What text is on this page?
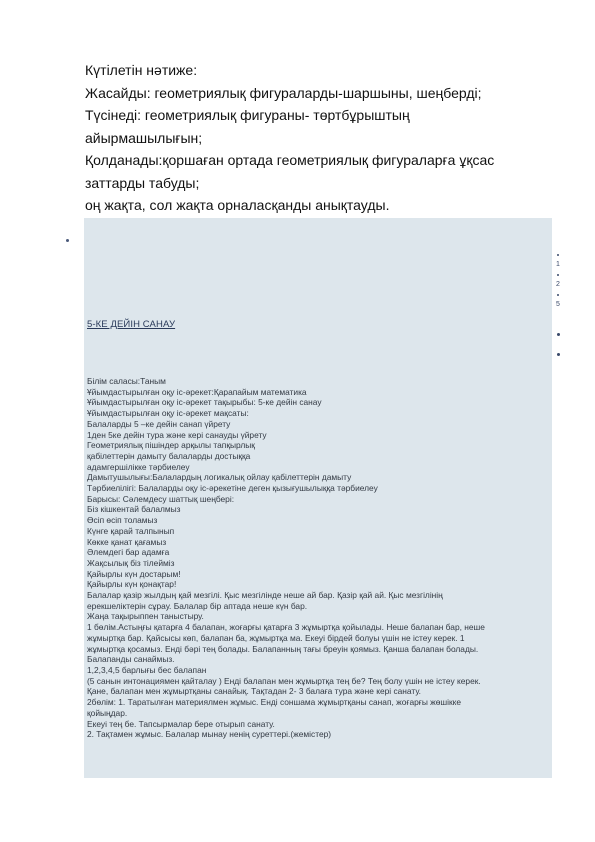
Күтілетін нәтиже:

Жасайды: геометриялық фигураларды-шаршыны, шеңберді;

Түсінеді: геометриялық фигураны- төртбұрыштың

айырмашылығын;

Қолданады:қоршаған ортада геометриялық фигураларға ұқсас

заттарды табуды;

оң жақта, сол жақта орналасқанды анықтауды.

1
2
5
5-КЕ ДЕЙІН САНАУ

Білім саласы:Таным

Ұйымдастырылған оқу іс-әрекет:Қарапайым математика

Ұйымдастырылған оқу іс-әрекет тақырыбы: 5-ке дейін санау

Ұйымдастырылған оқу іс-әрекет мақсаты:

Балаларды 5 –ке дейін санап үйрету

1ден 5ке дейін тура және кері санауды үйрету

Геометриялық пішіндер арқылы тапқырлық

қабілеттерін дамыту балаларды достыққа

адамгершілікке тәрбиелеу

Дамытушылығы:Балалардың логикалық ойлау қабілеттерін дамыту

Тәрбиелілігі: Балаларды оқу іс-әрекетіне деген қызығушылыққа тәрбиелеу

Барысы: Сәлемдесу шаттық шеңбері:

Біз кішкентай балалмыз

Өсіп өсіп толамыз

Күнге қарай талпынып

Көкке қанат қағамыз

Әлемдегі бар адамға

Жақсылық біз тілейміз

Қайырлы күн достарым!

Қайырлы күн қонақтар!

Балалар қазір жылдың қай мезгілі. Қыс мезгілінде неше ай бар. Қазір қай ай. Қыс мезгілінің

ерекшеліктерін сұрау. Балалар бір аптада неше күн бар.

Жаңа тақырыппен таныстыру.

1 бөлім.Астыңғы қатарға 4 балапан, жоғарғы қатарға 3 жұмыртқа қойылады. Неше балапан бар, неше

жұмыртқа бар. Қайсысы көп, балапан ба, жұмыртқа ма. Екеуі бірдей болуы үшін не істеу керек. 1

жұмыртқа қосамыз. Енді бәрі тең болады. Балапанның тағы бреуін қоямыз. Қанша балапан болады.

Балапанды санаймыз.

1,2,3,4,5 барлығы бес балапан

(5 санын интонациямен қайталау ) Енді балапан мен жұмыртқа тең бе? Тең болу үшін не істеу керек.

Қане, балапан мен жұмыртқаны санайық. Тақтадан 2- 3 балаға тура және кері санату.

2бөлім: 1. Таратылған материялмен жұмыс. Енді соншама жұмыртқаны санап, жоғарғы жөшікке

қойыңдар.

Екеуі тең бе. Тапсырмалар бере отырып санату.

2. Тақтамен жұмыс. Балалар мынау ненің суреттері.(жемістер)
